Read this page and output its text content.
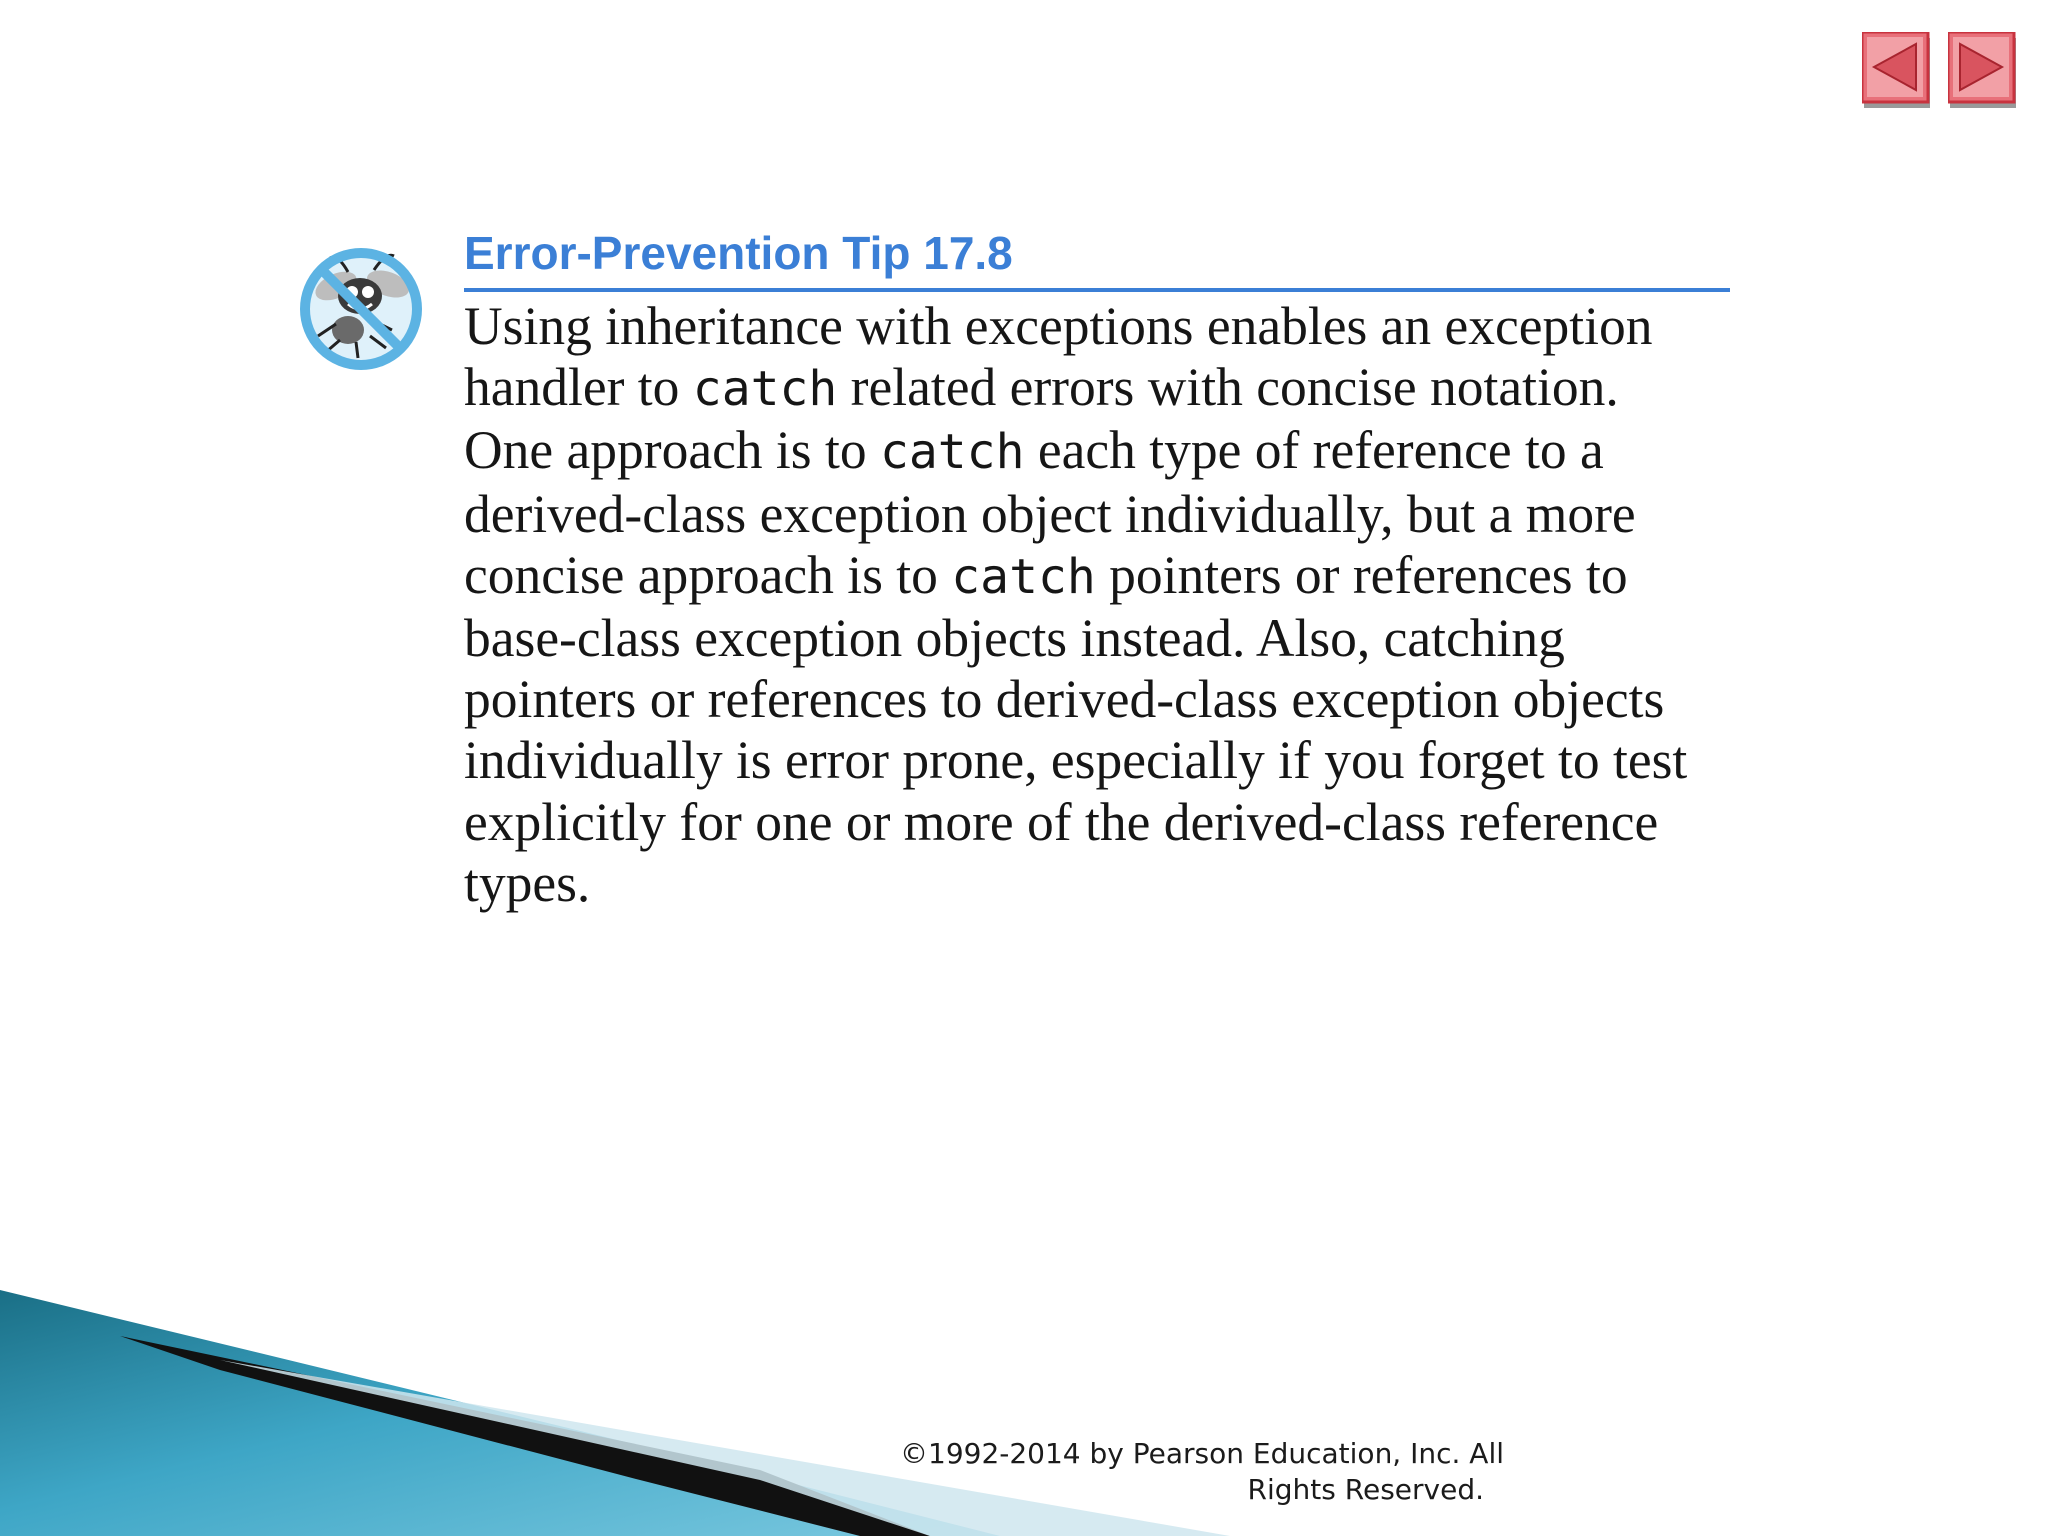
Error-Prevention Tip 17.8

Using inheritance with exceptions enables an exception
handler to catch related errors with concise notation.
One approach is to catch each type of reference to a
derived-class exception object individually, but a more
concise approach is to catch pointers or references to
base-class exception objects instead. Also, catching
pointers or references to derived-class exception objects
individually is error prone, especially if you forget to test
explicitly for one or more of the derived-class reference
types.

©1992-2014 by Pearson Education, Inc. All
Rights Reserved.
